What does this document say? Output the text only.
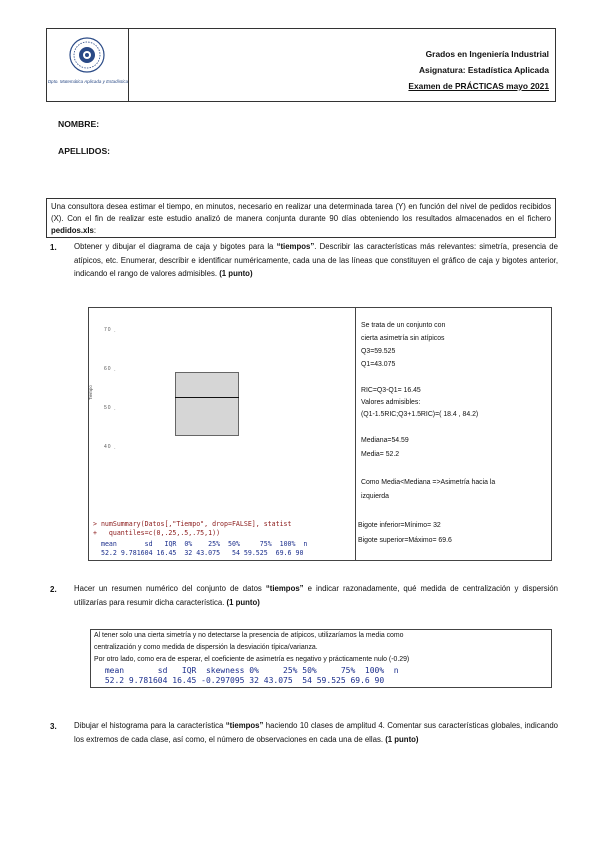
Dpto. Matemática Aplicada y Estadística
Grados en Ingeniería Industrial
Asignatura: Estadística Aplicada
Examen de PRÁCTICAS mayo 2021
NOMBRE:
APELLIDOS:
Una consultora desea estimar el tiempo, en minutos, necesario en realizar una determinada tarea (Y) en función del nivel de pedidos recibidos (X). Con el fin de realizar este estudio analizó de manera conjunta durante 90 días obteniendo los resultados almacenados en el fichero pedidos.xls:
1. Obtener y dibujar el diagrama de caja y bigotes para la “tiempos”. Describir las características más relevantes: simetría, presencia de atípicos, etc. Enumerar, describir e identificar numéricamente, cada una de las líneas que constituyen el gráfico de caja y bigotes anterior, indicando el rango de valores admisibles. (1 punto)
70
60
50
40
-
-
-
-
Tiempo
> numSummary(Datos[,"Tiempo", drop=FALSE], statist
+   quantiles=c(0,.25,.5,.75,1))
mean       sd   IQR  0%    25%  50%     75%  100%  n
52.2 9.781604 16.45  32 43.075   54 59.525  69.6 90
Se trata de un conjunto con
cierta asimetría sin atípicos
Q3=59.525
Q1=43.075
RIC=Q3-Q1= 16.45
Valores admisibles:
(Q1-1.5RIC;Q3+1.5RIC)=( 18.4 , 84.2)
Mediana=54.59
Media= 52.2
Como Media<Mediana =>Asimetría hacia la
izquierda
Bigote inferior=Mínimo= 32
Bigote superior=Máximo= 69.6
2. Hacer un resumen numérico del conjunto de datos “tiempos” e indicar razonadamente, qué medida de centralización y dispersión utilizarías para resumir dicha característica. (1 punto)
Al tener solo una cierta simetría y no detectarse la presencia de atípicos, utilizaríamos la media como
centralización y como medida de dispersión la desviación típica/varianza.
Por otro lado, como era de esperar, el coeficiente de asimetría es negativo y prácticamente nulo (-0.29)
mean       sd   IQR  skewness 0%     25% 50%     75%  100%  n
52.2 9.781604 16.45 -0.297095 32 43.075  54 59.525 69.6 90
3. Dibujar el histograma para la característica “tiempos” haciendo 10 clases de amplitud 4. Comentar sus características globales, indicando los extremos de cada clase, así como, el número de observaciones en cada una de ellas. (1 punto)
